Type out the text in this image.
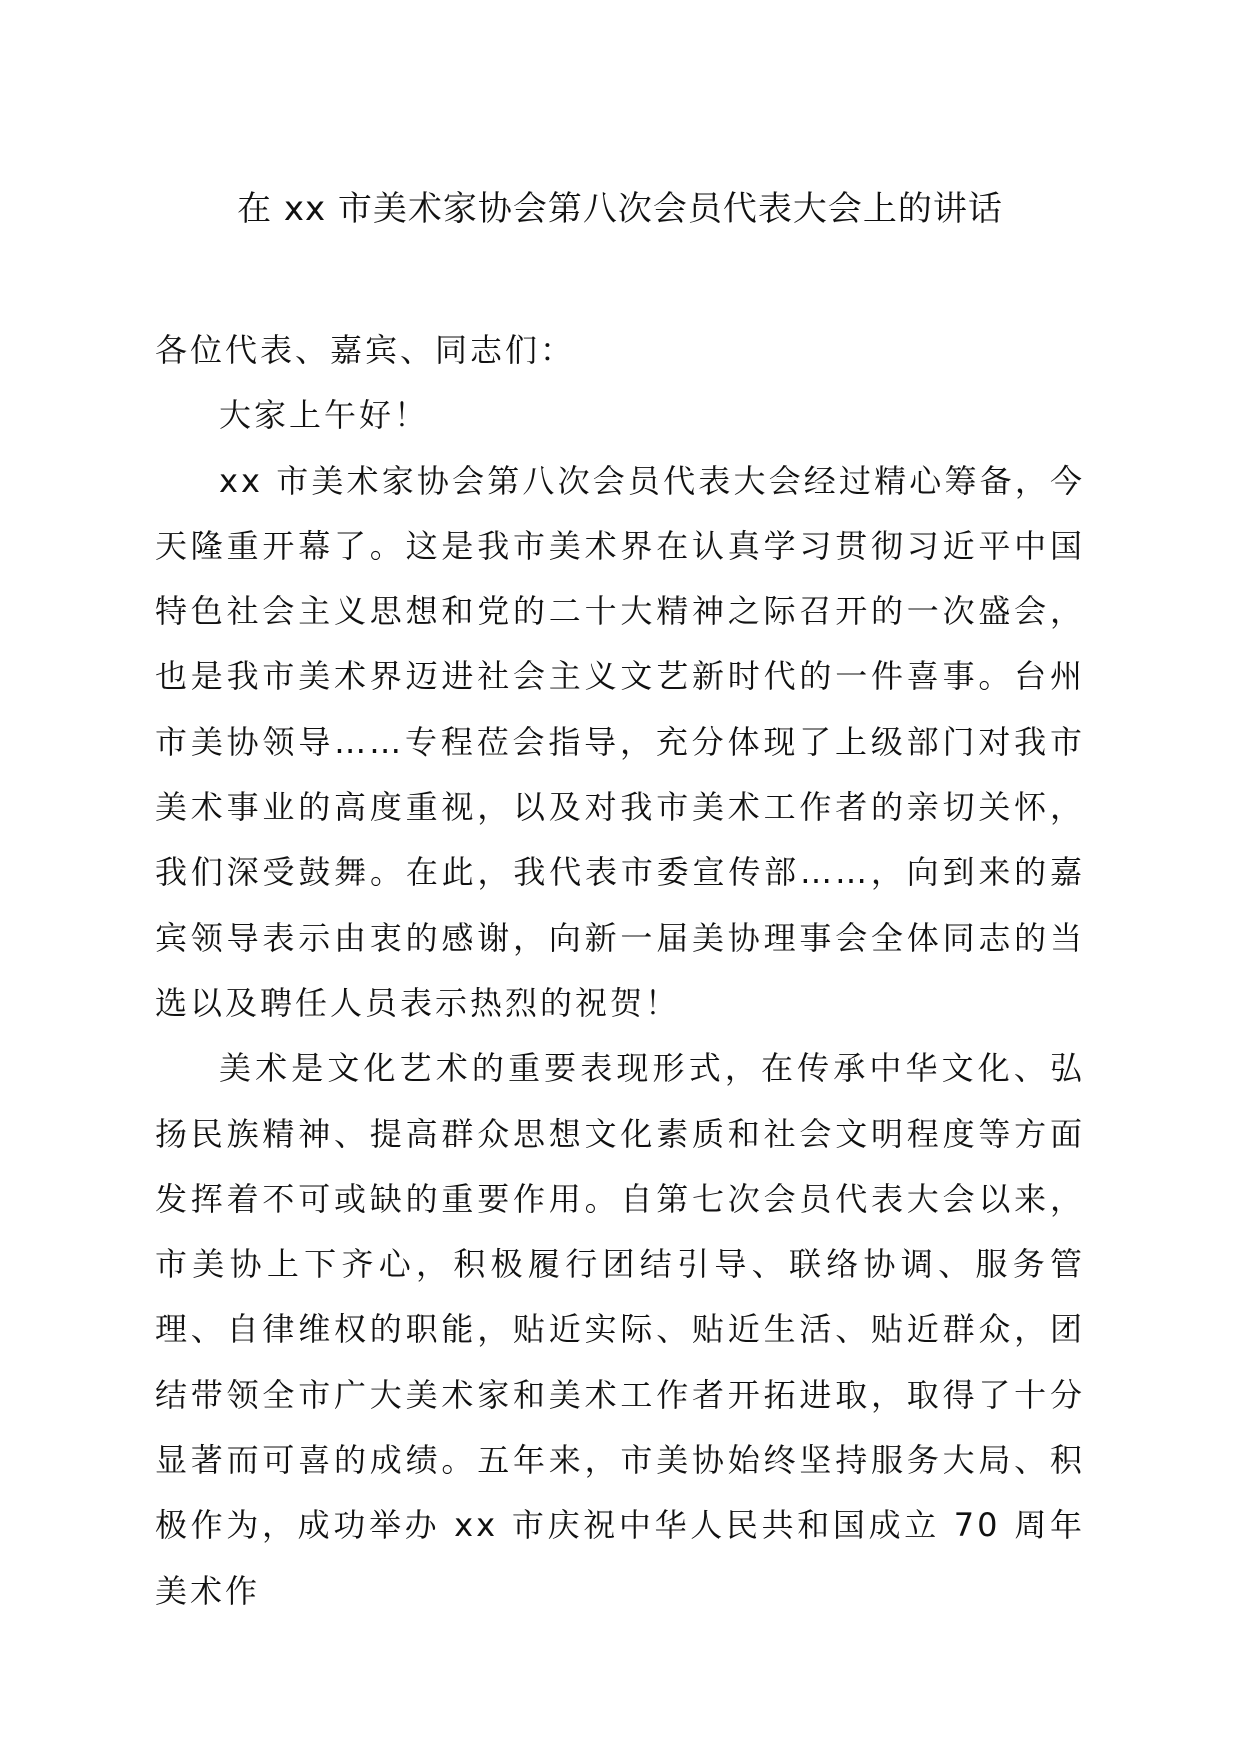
在 xx 市美术家协会第八次会员代表大会上的讲话

各位代表、嘉宾、同志们：

大家上午好！

xx 市美术家协会第八次会员代表大会经过精心筹备，今天隆重开幕了。这是我市美术界在认真学习贯彻习近平中国特色社会主义思想和党的二十大精神之际召开的一次盛会，也是我市美术界迈进社会主义文艺新时代的一件喜事。台州市美协领导……专程莅会指导，充分体现了上级部门对我市美术事业的高度重视，以及对我市美术工作者的亲切关怀，我们深受鼓舞。在此，我代表市委宣传部……，向到来的嘉宾领导表示由衷的感谢，向新一届美协理事会全体同志的当选以及聘任人员表示热烈的祝贺！

美术是文化艺术的重要表现形式，在传承中华文化、弘扬民族精神、提高群众思想文化素质和社会文明程度等方面发挥着不可或缺的重要作用。自第七次会员代表大会以来，市美协上下齐心，积极履行团结引导、联络协调、服务管理、自律维权的职能，贴近实际、贴近生活、贴近群众，团结带领全市广大美术家和美术工作者开拓进取，取得了十分显著而可喜的成绩。五年来，市美协始终坚持服务大局、积极作为，成功举办 xx 市庆祝中华人民共和国成立 70 周年美术作
